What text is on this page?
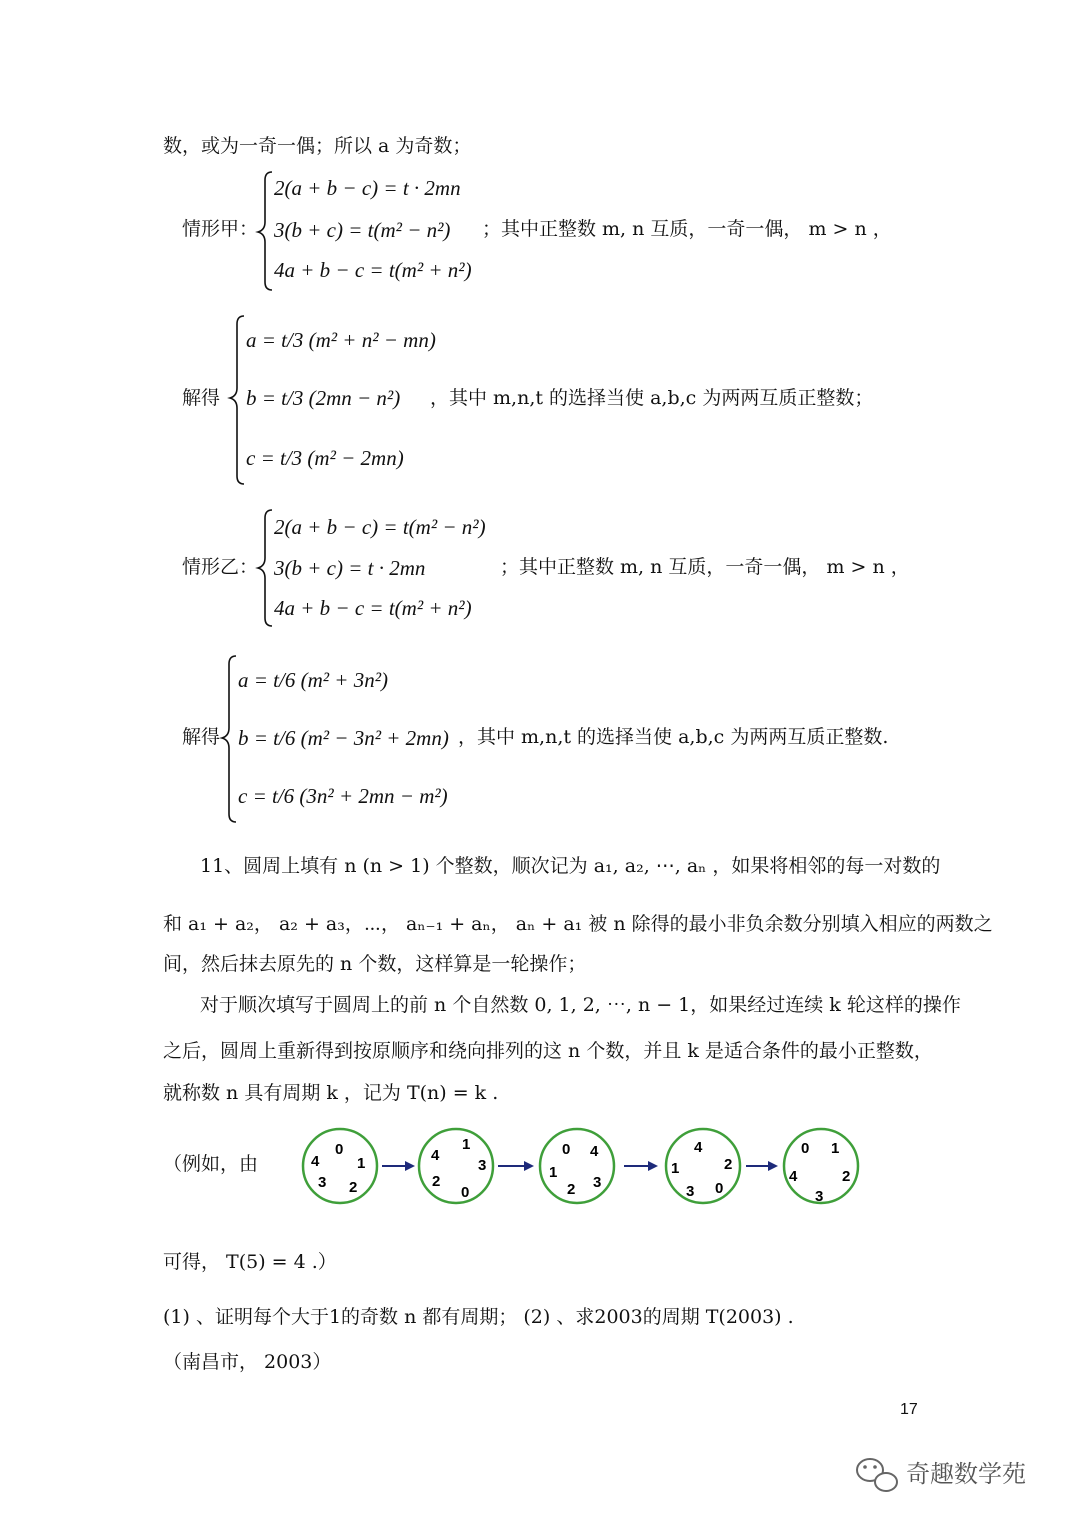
数，或为一奇一偶；所以 a 为奇数；
情形甲：
2(a + b − c) = t · 2mn
3(b + c) = t(m² − n²)
4a + b − c = t(m² + n²)
；其中正整数 m, n 互质，一奇一偶， m > n ，
解得
a = t/3 (m² + n² − mn)
b = t/3 (2mn − n²)
c = t/3 (m² − 2mn)
，其中 m,n,t 的选择当使 a,b,c 为两两互质正整数；
情形乙：
2(a + b − c) = t(m² − n²)
3(b + c) = t · 2mn
4a + b − c = t(m² + n²)
；其中正整数 m, n 互质，一奇一偶， m > n ，
解得
a = t/6 (m² + 3n²)
b = t/6 (m² − 3n² + 2mn)
c = t/6 (3n² + 2mn − m²)
，其中 m,n,t 的选择当使 a,b,c 为两两互质正整数.
11、圆周上填有 n (n > 1) 个整数，顺次记为 a₁, a₂, ⋯, aₙ ，如果将相邻的每一对数的
和 a₁ + a₂， a₂ + a₃，⋯， aₙ₋₁ + aₙ， aₙ + a₁ 被 n 除得的最小非负余数分别填入相应的两数之
间，然后抹去原先的 n 个数，这样算是一轮操作；
对于顺次填写于圆周上的前 n 个自然数 0, 1, 2, ⋯, n − 1，如果经过连续 k 轮这样的操作
之后，圆周上重新得到按原顺序和绕向排列的这 n 个数，并且 k 是适合条件的最小正整数，
就称数 n 具有周期 k ，记为 T(n) = k .
（例如，由
0
4	1
3 2
1
4
3
2
0
0 4
1
3
2
4
1	2
3 0
0 1
4	2
3
可得， T(5) = 4 .）
(1) 、证明每个大于1的奇数 n 都有周期； (2) 、求2003的周期 T(2003) .
（南昌市， 2003）
17
奇趣数学苑
